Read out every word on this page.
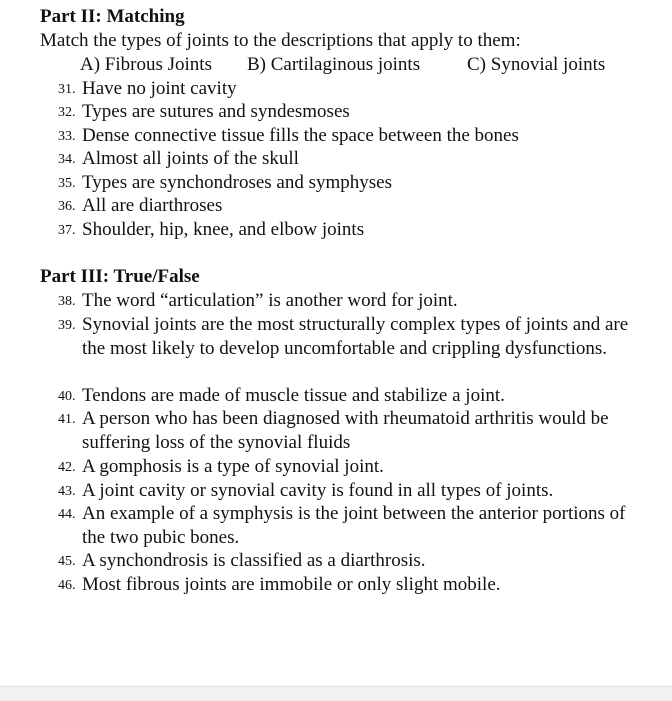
Part II: Matching
Match the types of joints to the descriptions that apply to them:
A) Fibrous Joints B) Cartilaginous joints C) Synovial joints
31. Have no joint cavity
32. Types are sutures and syndesmoses
33. Dense connective tissue fills the space between the bones
34. Almost all joints of the skull
35. Types are synchondroses and symphyses
36. All are diarthroses
37. Shoulder, hip, knee, and elbow joints
Part III: True/False
38. The word “articulation” is another word for joint.
39. Synovial joints are the most structurally complex types of joints and are the most likely to develop uncomfortable and crippling dysfunctions.
40. Tendons are made of muscle tissue and stabilize a joint.
41. A person who has been diagnosed with rheumatoid arthritis would be suffering loss of the synovial fluids
42. A gomphosis is a type of synovial joint.
43. A joint cavity or synovial cavity is found in all types of joints.
44. An example of a symphysis is the joint between the anterior portions of the two pubic bones.
45. A synchondrosis is classified as a diarthrosis.
46. Most fibrous joints are immobile or only slight mobile.
